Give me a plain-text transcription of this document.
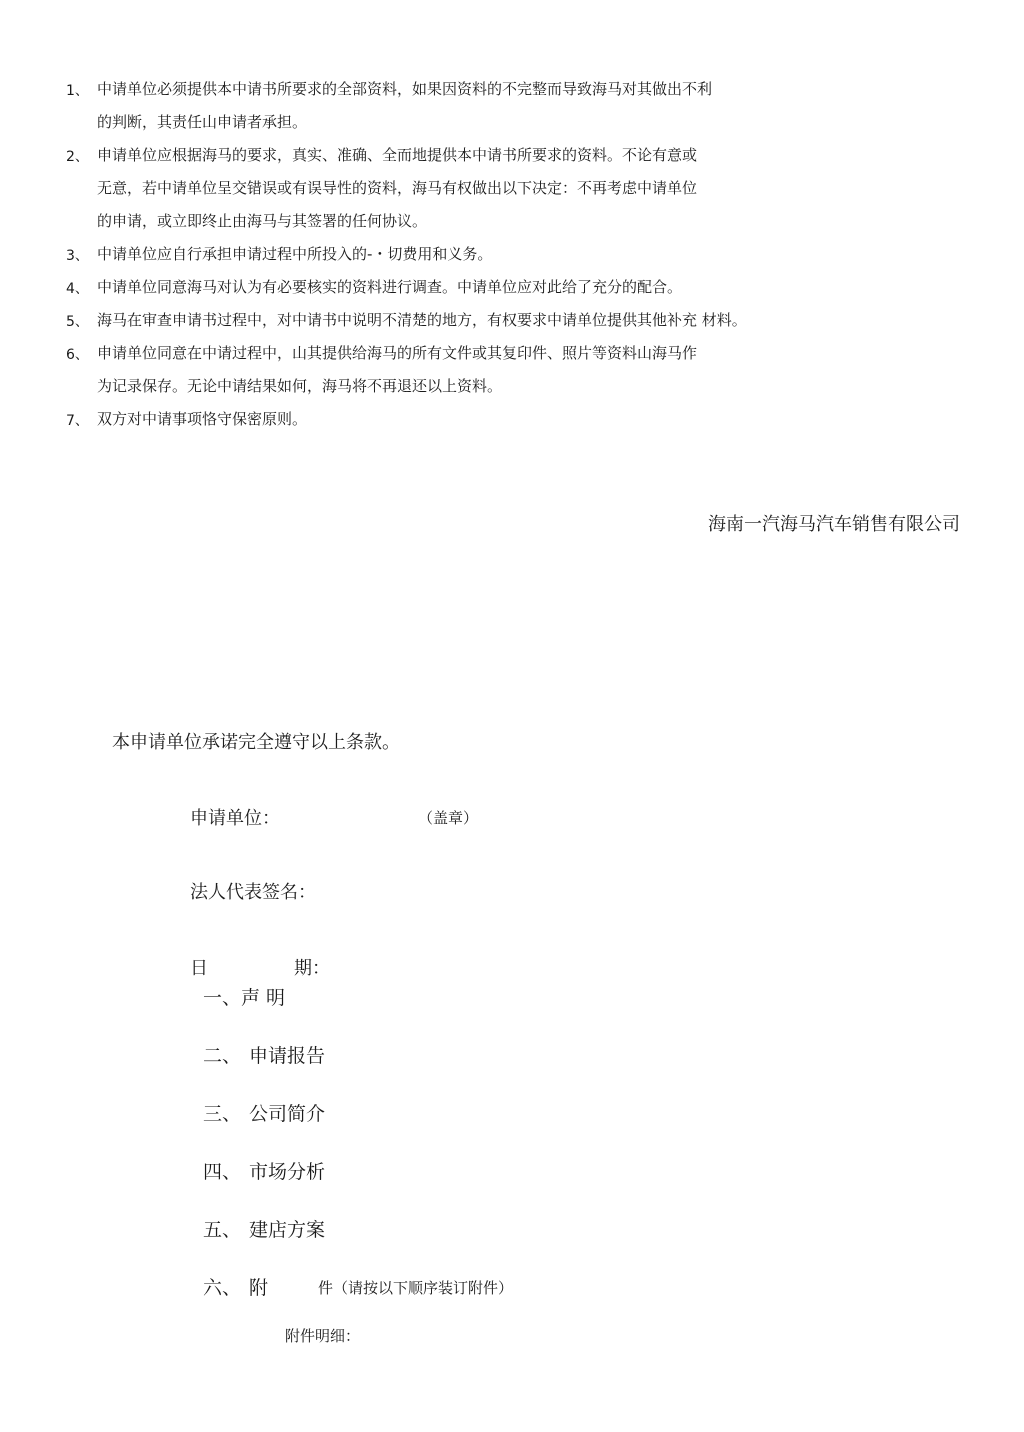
1、 中请单位必须提供本中请书所要求的全部资料，如果因资料的不完整而导致海马对其做出不利
的判断，其责任山申请者承担。
2、 申请单位应根据海马的要求，真实、准确、全而地提供本中请书所要求的资料。不论有意或
无意，若中请单位呈交错误或有误导性的资料，海马有权做出以下决定：不再考虑中请单位
的申请，或立即终止由海马与其签署的任何协议。
3、 中请单位应自行承担申请过程中所投入的-・切费用和义务。
4、 中请单位同意海马对认为有必要核实的资料进行调查。中请单位应对此给了充分的配合。
5、 海马在审查申请书过程中，对中请书中说明不清楚的地方，有权要求中请单位提供其他补充 材料。
6、 申请单位同意在中请过程中，山其提供给海马的所有文件或其复印件、照片等资料山海马作
为记录保存。无论中请结果如何，海马将不再退还以上资料。
7、 双方对中请事项恪守保密原则。
海南一汽海马汽车销售有限公司
本申请单位承诺完全遵守以上条款。
申请单位：	（盖章）
法人代表签名：
日	期：
一、声 明
二、 申请报告
三、 公司简介
四、 市场分析
五、 建店方案
六、 附	件（请按以下顺序装订附件）
附件明细：
